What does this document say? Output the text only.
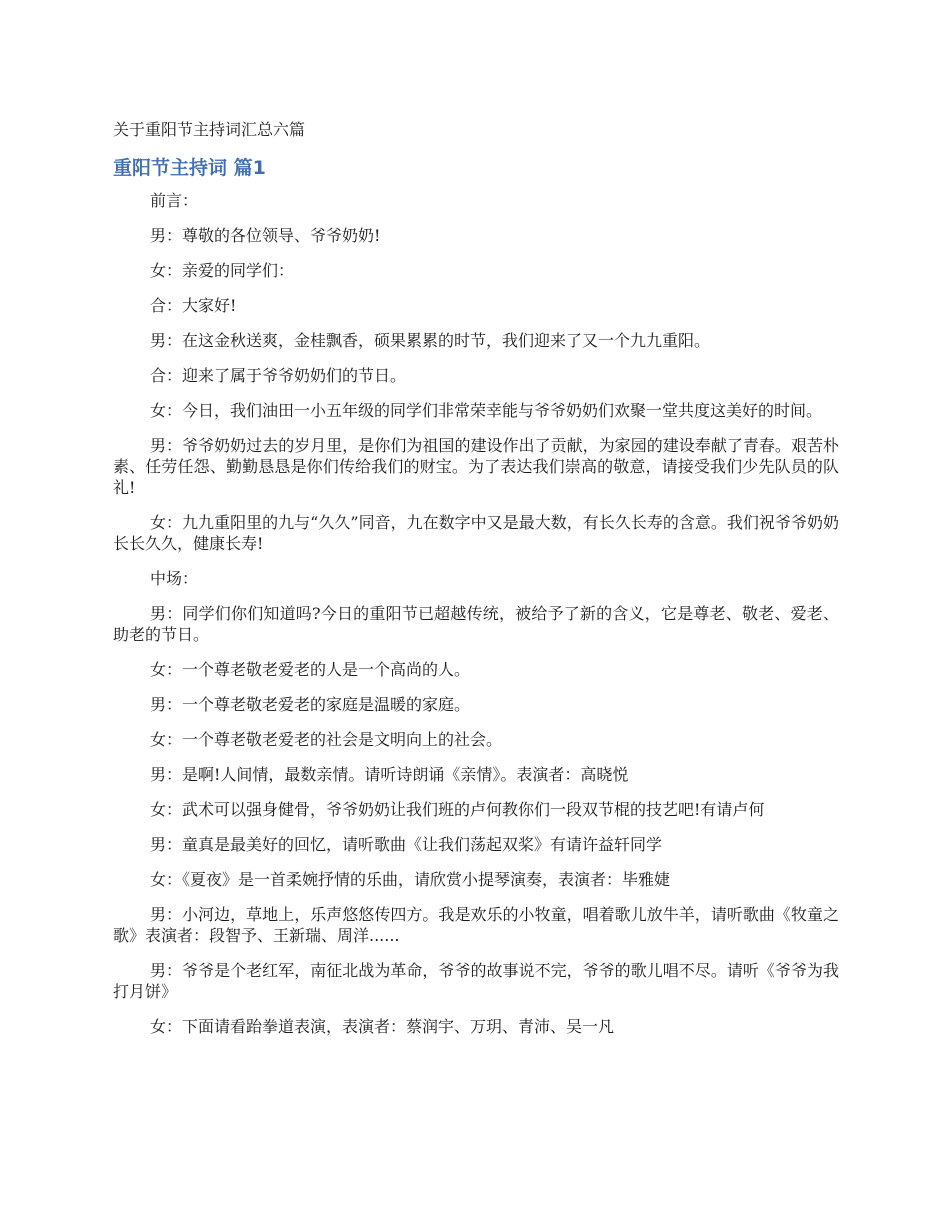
关于重阳节主持词汇总六篇
重阳节主持词 篇1

前言：

男：尊敬的各位领导、爷爷奶奶!

女：亲爱的同学们：

合：大家好!

男：在这金秋送爽，金桂飘香，硕果累累的时节，我们迎来了又一个九九重阳。

合：迎来了属于爷爷奶奶们的节日。

女：今日，我们油田一小五年级的同学们非常荣幸能与爷爷奶奶们欢聚一堂共度这美好的时间。

男：爷爷奶奶过去的岁月里，是你们为祖国的建设作出了贡献，为家园的建设奉献了青春。艰苦朴素、任劳任怨、勤勤恳恳是你们传给我们的财宝。为了表达我们崇高的敬意，请接受我们少先队员的队礼!

女：九九重阳里的九与“久久”同音，九在数字中又是最大数，有长久长寿的含意。我们祝爷爷奶奶长长久久，健康长寿!

中场：

男：同学们你们知道吗?今日的重阳节已超越传统，被给予了新的含义，它是尊老、敬老、爱老、助老的节日。

女：一个尊老敬老爱老的人是一个高尚的人。

男：一个尊老敬老爱老的家庭是温暖的家庭。

女：一个尊老敬老爱老的社会是文明向上的社会。

男：是啊!人间情，最数亲情。请听诗朗诵《亲情》。表演者：高晓悦

女：武术可以强身健骨，爷爷奶奶让我们班的卢何教你们一段双节棍的技艺吧!有请卢何

男：童真是最美好的回忆，请听歌曲《让我们荡起双桨》有请许益轩同学

女：《夏夜》是一首柔婉抒情的乐曲，请欣赏小提琴演奏，表演者：毕雅婕

男：小河边，草地上，乐声悠悠传四方。我是欢乐的小牧童，唱着歌儿放牛羊，请听歌曲《牧童之歌》表演者：段智予、王新瑞、周洋......

男：爷爷是个老红军，南征北战为革命，爷爷的故事说不完，爷爷的歌儿唱不尽。请听《爷爷为我打月饼》

女：下面请看跆拳道表演，表演者：蔡润宇、万玥、青沛、吴一凡
